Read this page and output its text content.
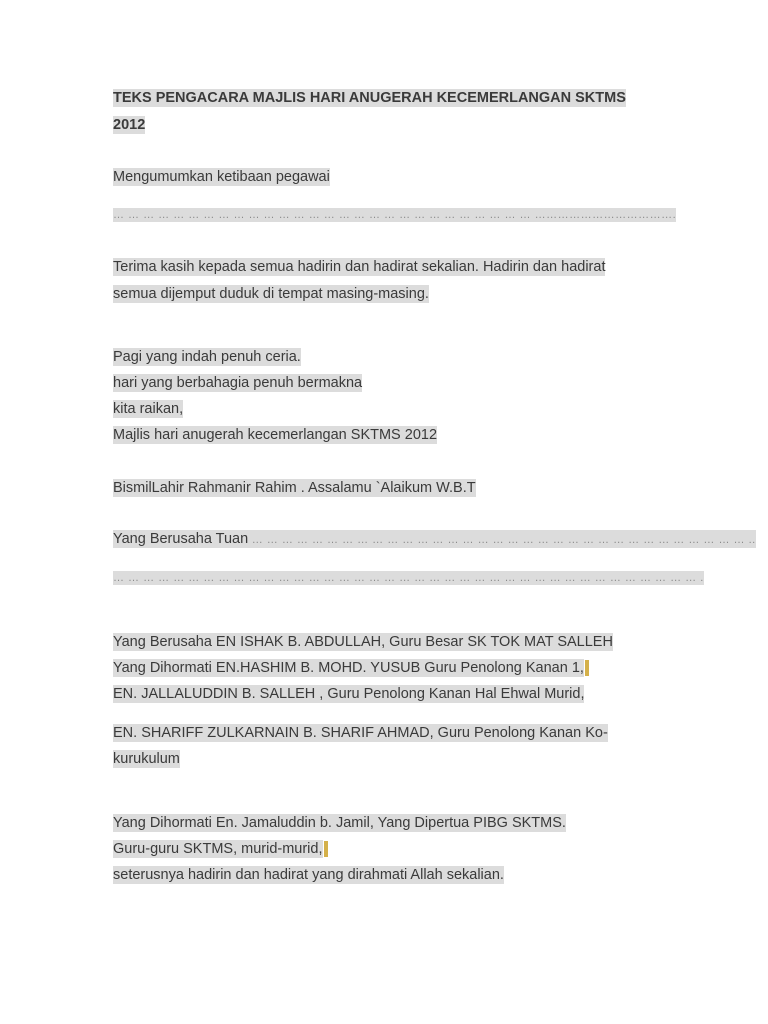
TEKS PENGACARA MAJLIS HARI ANUGERAH KECEMERLANGAN SKTMS
2012
Mengumumkan ketibaan pegawai
… … … … … … … … … … … … … … … … … … … … … … … … … … … … ……………………………….
Terima kasih kepada semua hadirin dan hadirat sekalian. Hadirin dan hadirat
semua dijemput duduk di tempat masing-masing.
Pagi yang indah penuh ceria.
hari yang berbahagia penuh bermakna
kita raikan,
Majlis hari anugerah kecemerlangan SKTMS 2012
BismilLahir Rahmanir Rahim . Assalamu `Alaikum W.B.T
Yang Berusaha Tuan … … … … … … … … … … … … … … … … … … … … … … … … … … … … … … … … … ..
… … … … … … … … … … … … … … … … … … … … … … … … … … … … … … … … … … … … … … … .
Yang Berusaha EN ISHAK B. ABDULLAH, Guru Besar SK TOK MAT SALLEH
Yang Dihormati EN.HASHIM B. MOHD. YUSUB Guru Penolong Kanan 1,
EN. JALLALUDDIN B. SALLEH , Guru Penolong Kanan Hal Ehwal Murid,
EN. SHARIFF ZULKARNAIN B. SHARIF AHMAD, Guru Penolong Kanan Ko-
kurukulum
Yang Dihormati En. Jamaluddin b. Jamil, Yang Dipertua PIBG SKTMS.
Guru-guru SKTMS, murid-murid,
seterusnya hadirin dan hadirat yang dirahmati Allah sekalian.
